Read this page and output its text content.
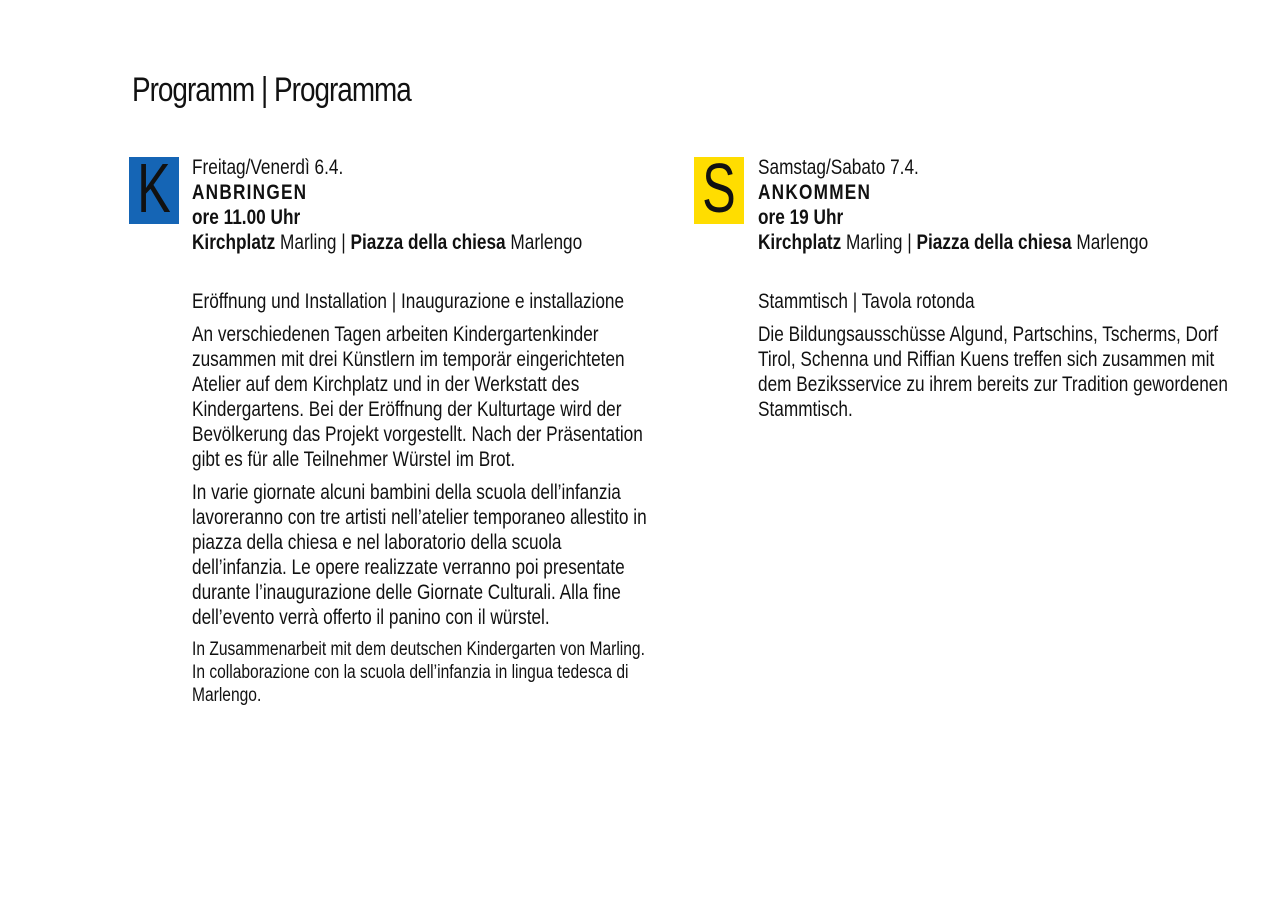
Programm | Programma
K Freitag/Venerdì 6.4.
ANBRINGEN
ore 11.00 Uhr
Kirchplatz Marling | Piazza della chiesa Marlengo
Eröffnung und Installation | Inaugurazione e installazione

An verschiedenen Tagen arbeiten Kindergartenkinder zusammen mit drei Künstlern im temporär eingerichteten Atelier auf dem Kirchplatz und in der Werkstatt des Kindergartens. Bei der Eröffnung der Kulturtage wird der Bevölkerung das Projekt vorgestellt. Nach der Präsentation gibt es für alle Teilnehmer Würstel im Brot.

In varie giornate alcuni bambini della scuola dell’infanzia lavoreranno con tre artisti nell’atelier temporaneo allestito in piazza della chiesa e nel laboratorio della scuola dell’infanzia. Le opere realizzate verranno poi presentate durante l’inaugurazione delle Giornate Culturali. Alla fine dell’evento verrà offerto il panino con il würstel.

In Zusammenarbeit mit dem deutschen Kindergarten von Marling. In collaborazione con la scuola dell’infanzia in lingua tedesca di Marlengo.

S Samstag/Sabato 7.4.
ANKOMMEN
ore 19 Uhr
Kirchplatz Marling | Piazza della chiesa Marlengo
Stammtisch | Tavola rotonda

Die Bildungsausschüsse Algund, Partschins, Tscherms, Dorf Tirol, Schenna und Riffian Kuens treffen sich zusammen mit dem Beziksservice zu ihrem bereits zur Tradition gewordenen Stammtisch.
